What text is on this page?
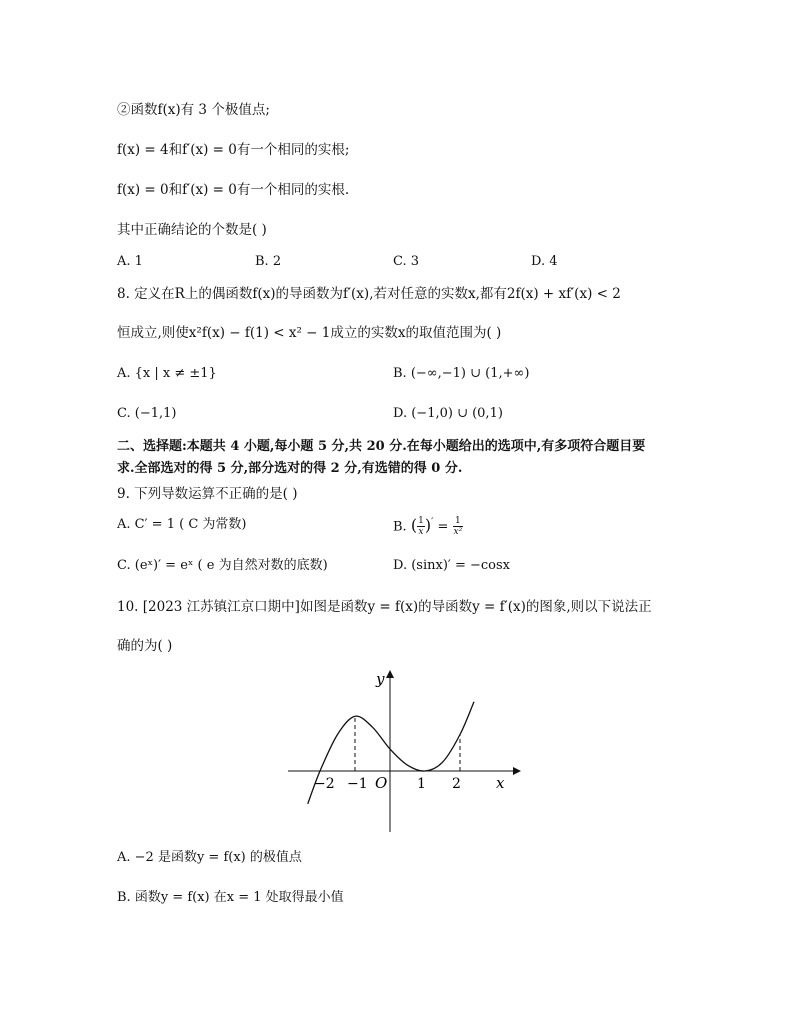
②函数f(x)有 3 个极值点;
f(x) = 4和f′(x) = 0有一个相同的实根;
f(x) = 0和f′(x) = 0有一个相同的实根.
其中正确结论的个数是( )
A. 1	B. 2	C. 3	D. 4
8. 定义在R上的偶函数f(x)的导函数为f′(x),若对任意的实数x,都有2f(x) + xf′(x) < 2
恒成立,则使x²f(x) − f(1) < x² − 1成立的实数x的取值范围为( )
A. {x | x ≠ ±1}	B. (−∞,−1) ∪ (1,+∞)
C. (−1,1)	D. (−1,0) ∪ (0,1)
二、选择题:本题共 4 小题,每小题 5 分,共 20 分.在每小题给出的选项中,有多项符合题目要
求.全部选对的得 5 分,部分选对的得 2 分,有选错的得 0 分.
9. 下列导数运算不正确的是( )
A. C′ = 1 ( C 为常数)	B. ( $\frac{1}{x} )' = \frac{1}{\text{x²}}$
C. (eˣ)′ = eˣ ( e 为自然对数的底数)	D. (sinx)′ = −cosx
10. [2023 江苏镇江京口期中]如图是函数y = f(x)的导函数y = f′(x)的图象,则以下说法正
确的为( )
y
x
O
−2 −1	1 2
A. −2 是函数y = f(x) 的极值点
B. 函数y = f(x) 在x = 1 处取得最小值
